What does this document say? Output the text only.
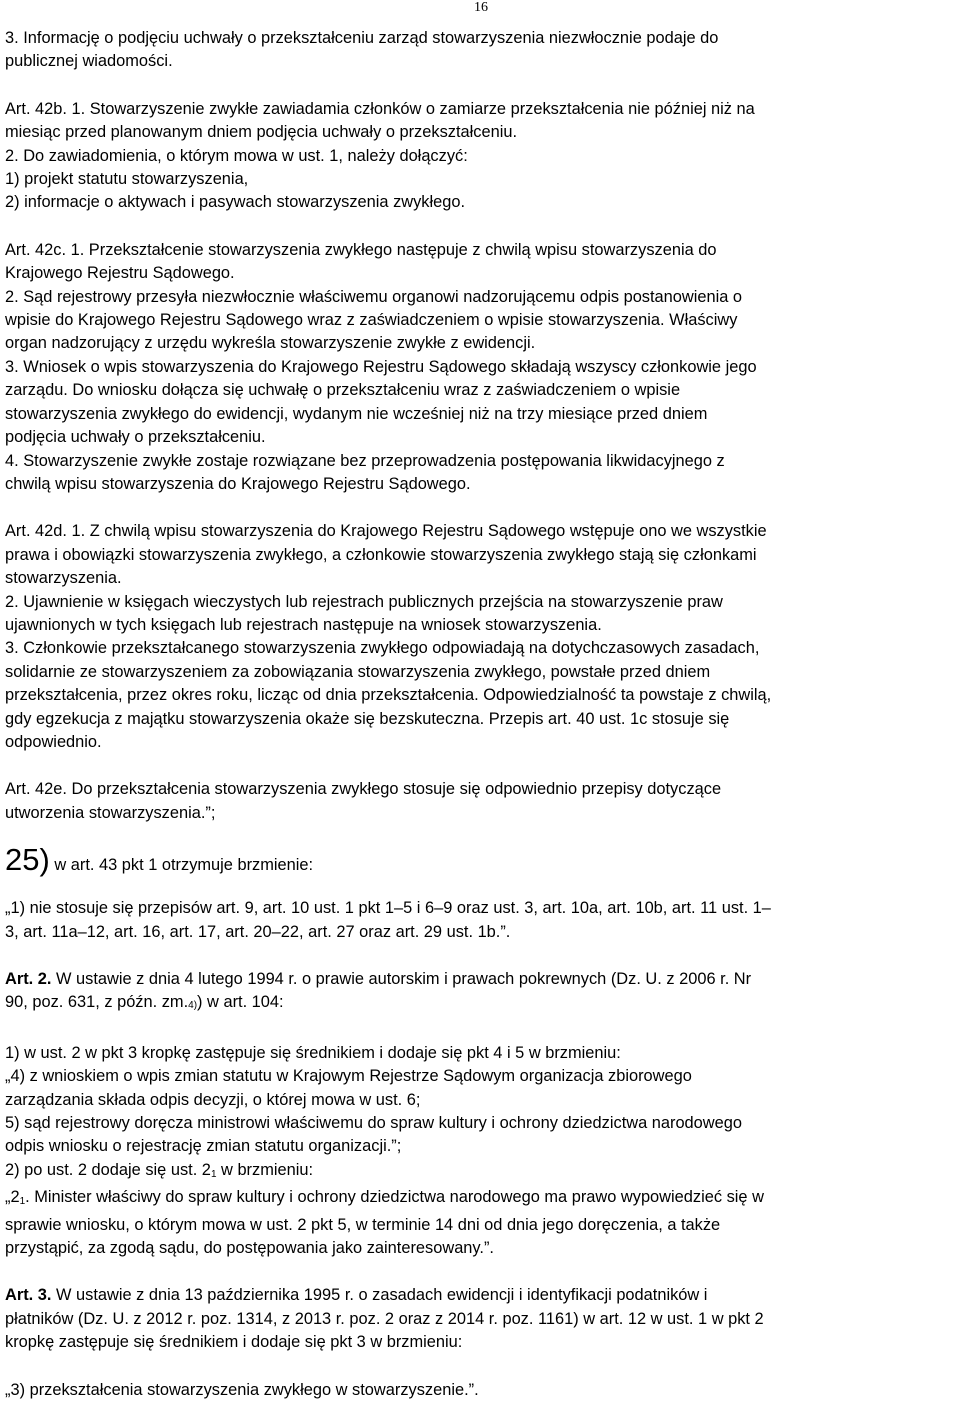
16
3. Informację o podjęciu uchwały o przekształceniu zarząd stowarzyszenia niezwłocznie podaje do
publicznej wiadomości.
Art. 42b. 1. Stowarzyszenie zwykłe zawiadamia członków o zamiarze przekształcenia nie później niż na
miesiąc przed planowanym dniem podjęcia uchwały o przekształceniu.
2. Do zawiadomienia, o którym mowa w ust. 1, należy dołączyć:
1) projekt statutu stowarzyszenia,
2) informacje o aktywach i pasywach stowarzyszenia zwykłego.
Art. 42c. 1. Przekształcenie stowarzyszenia zwykłego następuje z chwilą wpisu stowarzyszenia do
Krajowego Rejestru Sądowego.
2. Sąd rejestrowy przesyła niezwłocznie właściwemu organowi nadzorującemu odpis postanowienia o
wpisie do Krajowego Rejestru Sądowego wraz z zaświadczeniem o wpisie stowarzyszenia. Właściwy
organ nadzorujący z urzędu wykreśla stowarzyszenie zwykłe z ewidencji.
3. Wniosek o wpis stowarzyszenia do Krajowego Rejestru Sądowego składają wszyscy członkowie jego
zarządu. Do wniosku dołącza się uchwałę o przekształceniu wraz z zaświadczeniem o wpisie
stowarzyszenia zwykłego do ewidencji, wydanym nie wcześniej niż na trzy miesiące przed dniem
podjęcia uchwały o przekształceniu.
4. Stowarzyszenie zwykłe zostaje rozwiązane bez przeprowadzenia postępowania likwidacyjnego z
chwilą wpisu stowarzyszenia do Krajowego Rejestru Sądowego.
Art. 42d. 1. Z chwilą wpisu stowarzyszenia do Krajowego Rejestru Sądowego wstępuje ono we wszystkie
prawa i obowiązki stowarzyszenia zwykłego, a członkowie stowarzyszenia zwykłego stają się członkami
stowarzyszenia.
2. Ujawnienie w księgach wieczystych lub rejestrach publicznych przejścia na stowarzyszenie praw
ujawnionych w tych księgach lub rejestrach następuje na wniosek stowarzyszenia.
3. Członkowie przekształcanego stowarzyszenia zwykłego odpowiadają na dotychczasowych zasadach,
solidarnie ze stowarzyszeniem za zobowiązania stowarzyszenia zwykłego, powstałe przed dniem
przekształcenia, przez okres roku, licząc od dnia przekształcenia. Odpowiedzialność ta powstaje z chwilą,
gdy egzekucja z majątku stowarzyszenia okaże się bezskuteczna. Przepis art. 40 ust. 1c stosuje się
odpowiednio.
Art. 42e. Do przekształcenia stowarzyszenia zwykłego stosuje się odpowiednio przepisy dotyczące
utworzenia stowarzyszenia.”;
25) w art. 43 pkt 1 otrzymuje brzmienie:
„1) nie stosuje się przepisów art. 9, art. 10 ust. 1 pkt 1–5 i 6–9 oraz ust. 3, art. 10a, art. 10b, art. 11 ust. 1–
3, art. 11a–12, art. 16, art. 17, art. 20–22, art. 27 oraz art. 29 ust. 1b.”.
Art. 2. W ustawie z dnia 4 lutego 1994 r. o prawie autorskim i prawach pokrewnych (Dz. U. z 2006 r. Nr
90, poz. 631, z późn. zm.4)) w art. 104:
1) w ust. 2 w pkt 3 kropkę zastępuje się średnikiem i dodaje się pkt 4 i 5 w brzmieniu:
„4) z wnioskiem o wpis zmian statutu w Krajowym Rejestrze Sądowym organizacja zbiorowego
zarządzania składa odpis decyzji, o której mowa w ust. 6;
5) sąd rejestrowy doręcza ministrowi właściwemu do spraw kultury i ochrony dziedzictwa narodowego
odpis wniosku o rejestrację zmian statutu organizacji.”;
2) po ust. 2 dodaje się ust. $2_1$ w brzmieniu:
$„2_1$. Minister właściwy do spraw kultury i ochrony dziedzictwa narodowego ma prawo wypowiedzieć się w
sprawie wniosku, o którym mowa w ust. 2 pkt 5, w terminie 14 dni od dnia jego doręczenia, a także
przystąpić, za zgodą sądu, do postępowania jako zainteresowany.”.
Art. 3. W ustawie z dnia 13 października 1995 r. o zasadach ewidencji i identyfikacji podatników i
płatników (Dz. U. z 2012 r. poz. 1314, z 2013 r. poz. 2 oraz z 2014 r. poz. 1161) w art. 12 w ust. 1 w pkt 2
kropkę zastępuje się średnikiem i dodaje się pkt 3 w brzmieniu:
„3) przekształcenia stowarzyszenia zwykłego w stowarzyszenie.”.
